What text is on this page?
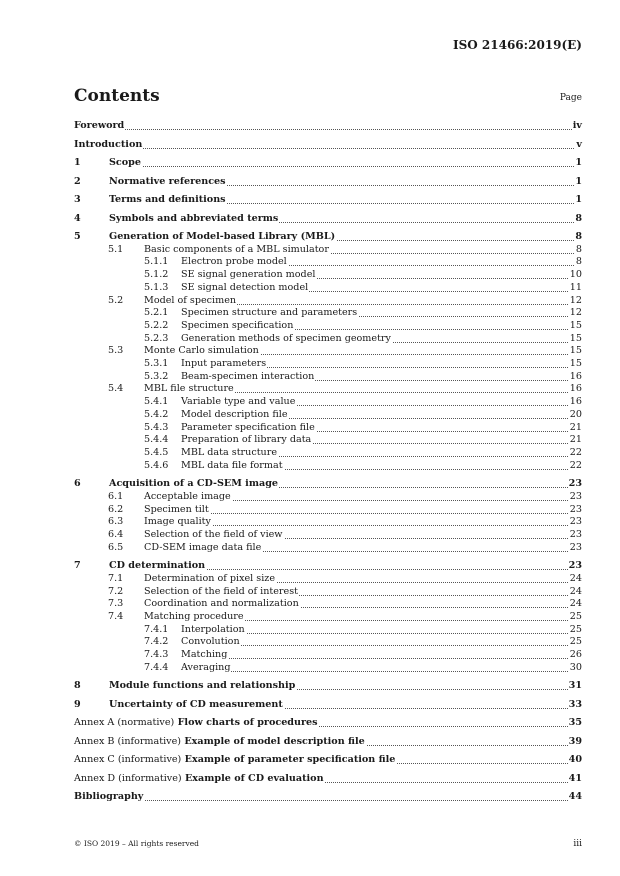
ISO 21466:2019(E)
Contents	Page
Foreword	iv
Introduction	v
1	Scope	1
2	Normative references	1
3	Terms and definitions	1
4	Symbols and abbreviated terms	8
5	Generation of Model-based Library (MBL)	8
5.1 Basic components of a MBL simulator	8
5.1.1 Electron probe model	8
5.1.2 SE signal generation model	10
5.1.3 SE signal detection model	11
5.2 Model of specimen	12
5.2.1 Specimen structure and parameters	12
5.2.2 Specimen specification	15
5.2.3 Generation methods of specimen geometry	15
5.3 Monte Carlo simulation	15
5.3.1 Input parameters	15
5.3.2 Beam-specimen interaction	16
5.4 MBL file structure	16
5.4.1 Variable type and value	16
5.4.2 Model description file	20
5.4.3 Parameter specification file	21
5.4.4 Preparation of library data	21
5.4.5 MBL data structure	22
5.4.6 MBL data file format	22
6	Acquisition of a CD-SEM image	23
6.1 Acceptable image	23
6.2 Specimen tilt	23
6.3 Image quality	23
6.4 Selection of the field of view	23
6.5 CD-SEM image data file	23
7	CD determination	23
7.1 Determination of pixel size	24
7.2 Selection of the field of interest	24
7.3 Coordination and normalization	24
7.4 Matching procedure	25
7.4.1 Interpolation	25
7.4.2 Convolution	25
7.4.3 Matching	26
7.4.4 Averaging	30
8	Module functions and relationship	31
9	Uncertainty of CD measurement	33
Annex A (normative) Flow charts of procedures	35
Annex B (informative) Example of model description file	39
Annex C (informative) Example of parameter specification file	40
Annex D (informative) Example of CD evaluation	41
Bibliography	44
© ISO 2019 – All rights reserved	iii
